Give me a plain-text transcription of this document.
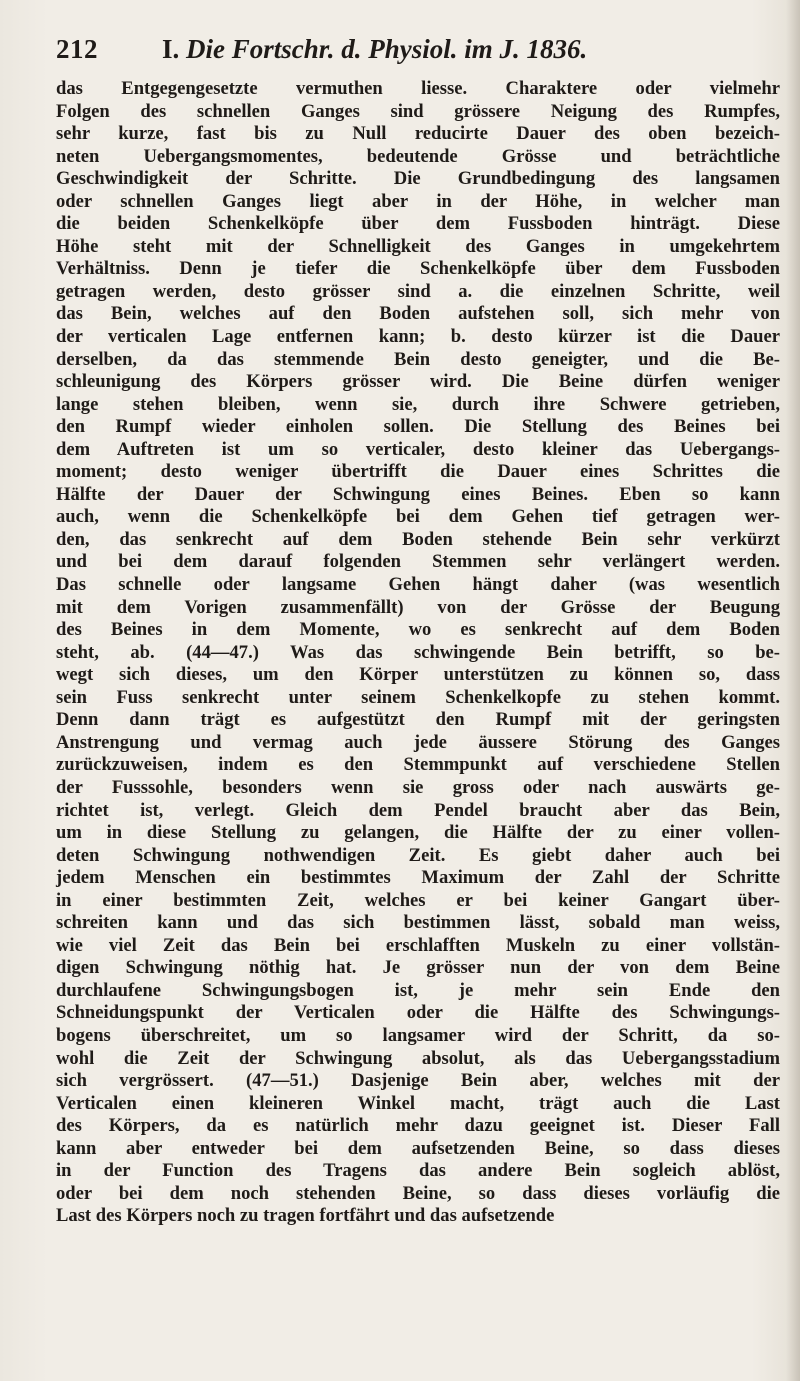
212 I. Die Fortschr. d. Physiol. im J. 1836.
das Entgegengesetzte vermuthen liesse. Charaktere oder vielmehr
Folgen des schnellen Ganges sind grössere Neigung des Rumpfes,
sehr kurze, fast bis zu Null reducirte Dauer des oben bezeich-
neten Uebergangsmomentes, bedeutende Grösse und beträchtliche
Geschwindigkeit der Schritte. Die Grundbedingung des langsamen
oder schnellen Ganges liegt aber in der Höhe, in welcher man
die beiden Schenkelköpfe über dem Fussboden hinträgt. Diese
Höhe steht mit der Schnelligkeit des Ganges in umgekehrtem
Verhältniss. Denn je tiefer die Schenkelköpfe über dem Fussboden
getragen werden, desto grösser sind a. die einzelnen Schritte, weil
das Bein, welches auf den Boden aufstehen soll, sich mehr von
der verticalen Lage entfernen kann; b. desto kürzer ist die Dauer
derselben, da das stemmende Bein desto geneigter, und die Be-
schleunigung des Körpers grösser wird. Die Beine dürfen weniger
lange stehen bleiben, wenn sie, durch ihre Schwere getrieben,
den Rumpf wieder einholen sollen. Die Stellung des Beines bei
dem Auftreten ist um so verticaler, desto kleiner das Uebergangs-
moment; desto weniger übertrifft die Dauer eines Schrittes die
Hälfte der Dauer der Schwingung eines Beines. Eben so kann
auch, wenn die Schenkelköpfe bei dem Gehen tief getragen wer-
den, das senkrecht auf dem Boden stehende Bein sehr verkürzt
und bei dem darauf folgenden Stemmen sehr verlängert werden.
Das schnelle oder langsame Gehen hängt daher (was wesentlich
mit dem Vorigen zusammenfällt) von der Grösse der Beugung
des Beines in dem Momente, wo es senkrecht auf dem Boden
steht, ab. (44—47.) Was das schwingende Bein betrifft, so be-
wegt sich dieses, um den Körper unterstützen zu können so, dass
sein Fuss senkrecht unter seinem Schenkelkopfe zu stehen kommt.
Denn dann trägt es aufgestützt den Rumpf mit der geringsten
Anstrengung und vermag auch jede äussere Störung des Ganges
zurückzuweisen, indem es den Stemmpunkt auf verschiedene Stellen
der Fusssohle, besonders wenn sie gross oder nach auswärts ge-
richtet ist, verlegt. Gleich dem Pendel braucht aber das Bein,
um in diese Stellung zu gelangen, die Hälfte der zu einer vollen-
deten Schwingung nothwendigen Zeit. Es giebt daher auch bei
jedem Menschen ein bestimmtes Maximum der Zahl der Schritte
in einer bestimmten Zeit, welches er bei keiner Gangart über-
schreiten kann und das sich bestimmen lässt, sobald man weiss,
wie viel Zeit das Bein bei erschlafften Muskeln zu einer vollstän-
digen Schwingung nöthig hat. Je grösser nun der von dem Beine
durchlaufene Schwingungsbogen ist, je mehr sein Ende den
Schneidungspunkt der Verticalen oder die Hälfte des Schwingungs-
bogens überschreitet, um so langsamer wird der Schritt, da so-
wohl die Zeit der Schwingung absolut, als das Uebergangsstadium
sich vergrössert. (47—51.) Dasjenige Bein aber, welches mit der
Verticalen einen kleineren Winkel macht, trägt auch die Last
des Körpers, da es natürlich mehr dazu geeignet ist. Dieser Fall
kann aber entweder bei dem aufsetzenden Beine, so dass dieses
in der Function des Tragens das andere Bein sogleich ablöst,
oder bei dem noch stehenden Beine, so dass dieses vorläufig die
Last des Körpers noch zu tragen fortfährt und das aufsetzende
